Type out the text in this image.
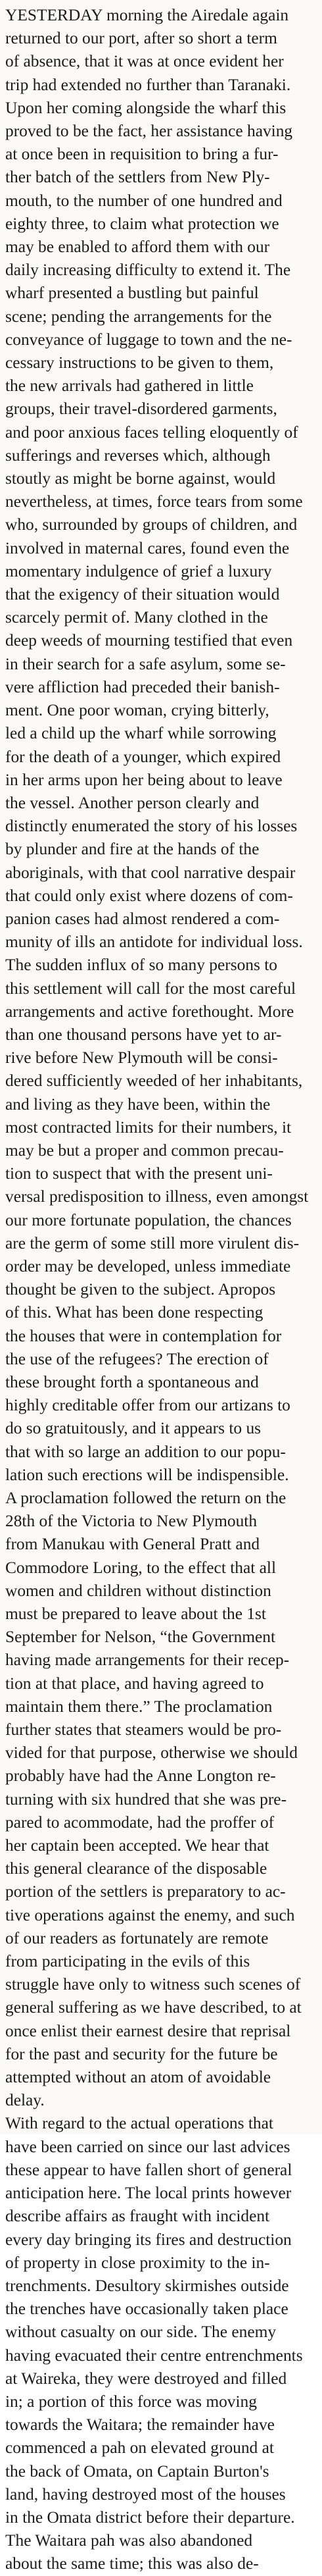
YESTERDAY morning the Airedale again
returned to our port, after so short a term
of absence, that it was at once evident her
trip had extended no further than Taranaki.
Upon her coming alongside the wharf this
proved to be the fact, her assistance having
at once been in requisition to bring a fur-
ther batch of the settlers from New Ply-
mouth, to the number of one hundred and
eighty three, to claim what protection we
may be enabled to afford them with our
daily increasing difficulty to extend it. The
wharf presented a bustling but painful
scene; pending the arrangements for the
conveyance of luggage to town and the ne-
cessary instructions to be given to them,
the new arrivals had gathered in little
groups, their travel-disordered garments,
and poor anxious faces telling eloquently of
sufferings and reverses which, although
stoutly as might be borne against, would
nevertheless, at times, force tears from some
who, surrounded by groups of children, and
involved in maternal cares, found even the
momentary indulgence of grief a luxury
that the exigency of their situation would
scarcely permit of. Many clothed in the
deep weeds of mourning testified that even
in their search for a safe asylum, some se-
vere affliction had preceded their banish-
ment. One poor woman, crying bitterly,
led a child up the wharf while sorrowing
for the death of a younger, which expired
in her arms upon her being about to leave
the vessel. Another person clearly and
distinctly enumerated the story of his losses
by plunder and fire at the hands of the
aboriginals, with that cool narrative despair
that could only exist where dozens of com-
panion cases had almost rendered a com-
munity of ills an antidote for individual loss.

The sudden influx of so many persons to
this settlement will call for the most careful
arrangements and active forethought. More
than one thousand persons have yet to ar-
rive before New Plymouth will be consi-
dered sufficiently weeded of her inhabitants,
and living as they have been, within the
most contracted limits for their numbers, it
may be but a proper and common precau-
tion to suspect that with the present uni-
versal predisposition to illness, even amongst
our more fortunate population, the chances
are the germ of some still more virulent dis-
order may be developed, unless immediate
thought be given to the subject. Apropos
of this. What has been done respecting
the houses that were in contemplation for
the use of the refugees? The erection of
these brought forth a spontaneous and
highly creditable offer from our artizans to
do so gratuitously, and it appears to us
that with so large an addition to our popu-
lation such erections will be indispensible.
A proclamation followed the return on the
28th of the Victoria to New Plymouth
from Manukau with General Pratt and
Commodore Loring, to the effect that all
women and children without distinction
must be prepared to leave about the 1st
September for Nelson, “the Government
having made arrangements for their recep-
tion at that place, and having agreed to
maintain them there.” The proclamation
further states that steamers would be pro-
vided for that purpose, otherwise we should
probably have had the Anne Longton re-
turning with six hundred that she was pre-
pared to acommodate, had the proffer of
her captain been accepted. We hear that
this general clearance of the disposable
portion of the settlers is preparatory to ac-
tive operations against the enemy, and such
of our readers as fortunately are remote
from participating in the evils of this
struggle have only to witness such scenes of
general suffering as we have described, to at
once enlist their earnest desire that reprisal
for the past and security for the future be
attempted without an atom of avoidable
delay.

With regard to the actual operations that
have been carried on since our last advices
these appear to have fallen short of general
anticipation here. The local prints however
describe affairs as fraught with incident
every day bringing its fires and destruction
of property in close proximity to the in-
trenchments. Desultory skirmishes outside
the trenches have occasionally taken place
without casualty on our side. The enemy
having evacuated their centre entrenchments
at Waireka, they were destroyed and filled
in; a portion of this force was moving
towards the Waitara; the remainder have
commenced a pah on elevated ground at
the back of Omata, on Captain Burton's
land, having destroyed most of the houses
in the Omata district before their departure.
The Waitara pah was also abandoned
about the same time; this was also de-
